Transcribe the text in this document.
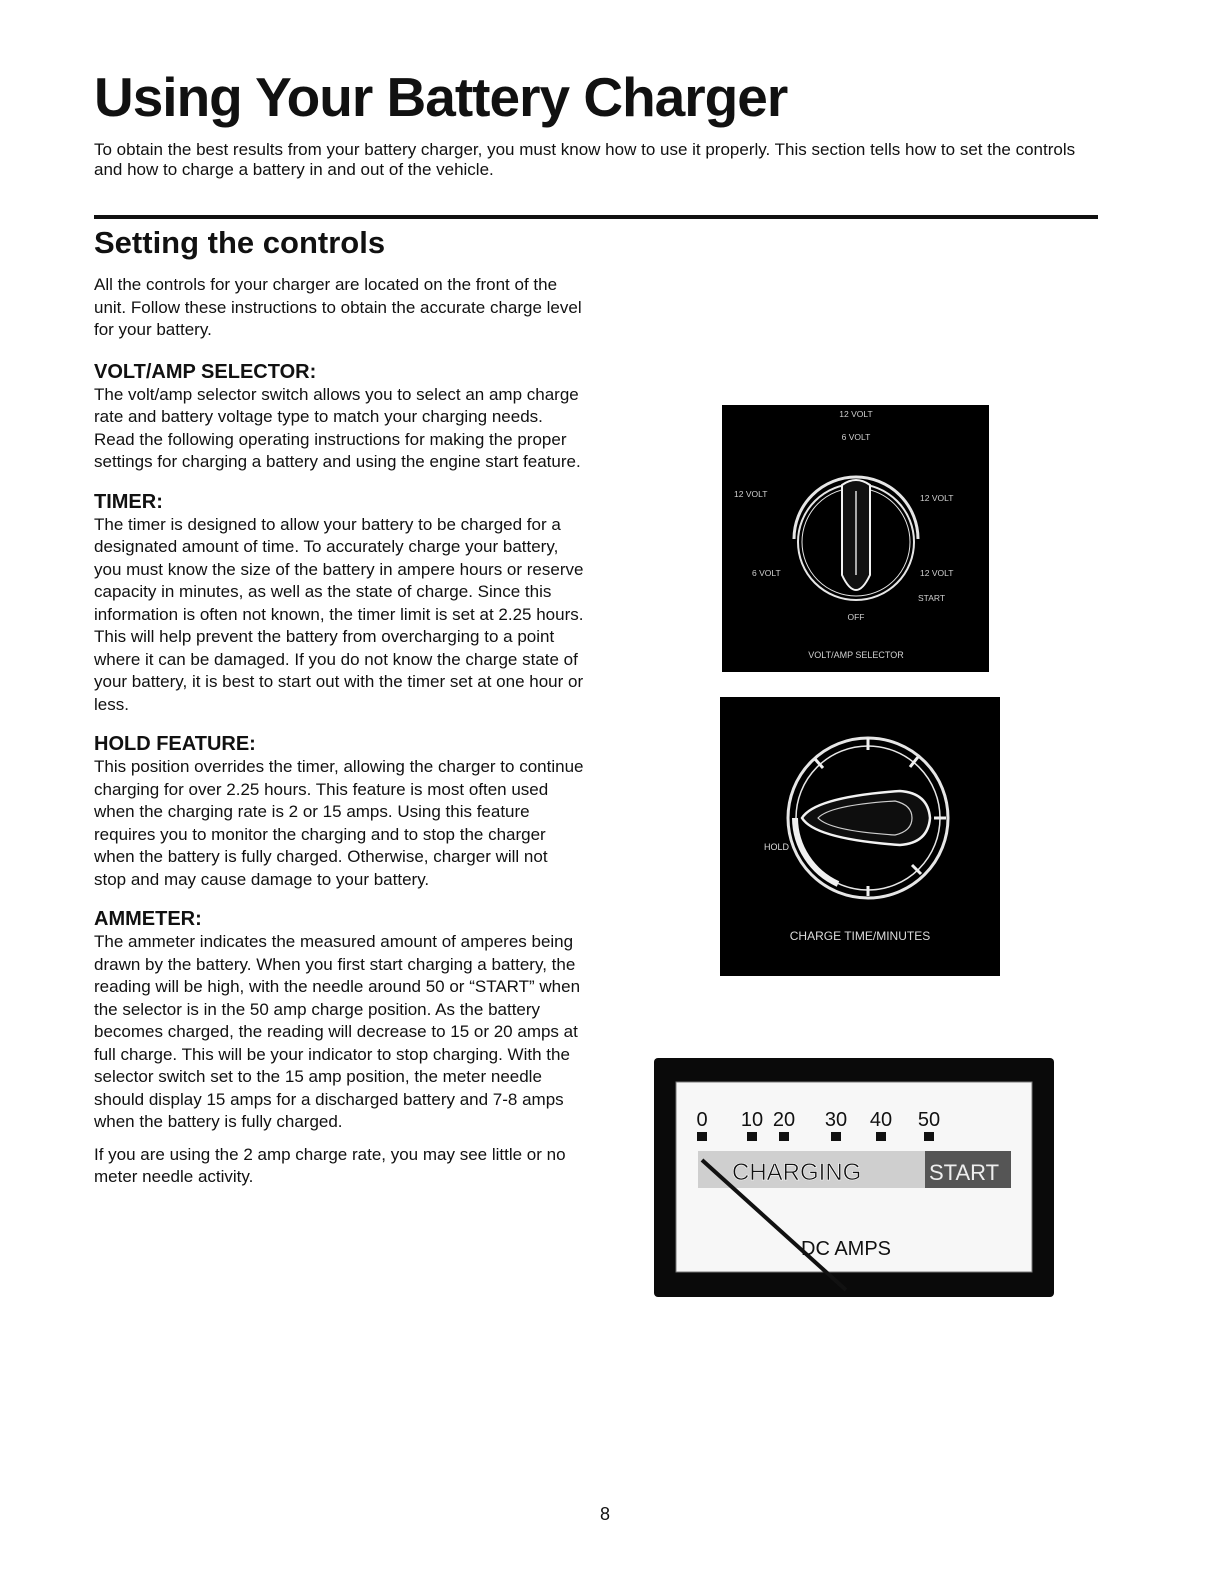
Using Your Battery Charger

To obtain the best results from your battery charger, you must know how to use it properly. This section tells how to set the controls and how to charge a battery in and out of the vehicle.

Setting the controls

All the controls for your charger are located on the front of the unit. Follow these instructions to obtain the accurate charge level for your battery.

VOLT/AMP SELECTOR:

The volt/amp selector switch allows you to select an amp charge rate and battery voltage type to match your charging needs. Read the following operating instructions for making the proper settings for charging a battery and using the engine start feature.

TIMER:

The timer is designed to allow your battery to be charged for a designated amount of time. To accurately charge your battery, you must know the size of the battery in ampere hours or reserve capacity in minutes, as well as the state of charge. Since this information is often not known, the timer limit is set at 2.25 hours. This will help prevent the battery from overcharging to a point where it can be damaged. If you do not know the charge state of your battery, it is best to start out with the timer set at one hour or less.

HOLD FEATURE:

This position overrides the timer, allowing the charger to continue charging for over 2.25 hours. This feature is most often used when the charging rate is 2 or 15 amps. Using this feature requires you to monitor the charging and to stop the charger when the battery is fully charged. Otherwise, charger will not stop and may cause damage to your battery.

AMMETER:

The ammeter indicates the measured amount of amperes being drawn by the battery. When you first start charging a battery, the reading will be high, with the needle around 50 or “START” when the selector is in the 50 amp charge position. As the battery becomes charged, the reading will decrease to 15 or 20 amps at full charge. This will be your indicator to stop charging. With the selector switch set to the 15 amp position, the meter needle should display 15 amps for a discharged battery and 7-8 amps when the battery is fully charged.

If you are using the 2 amp charge rate, you may see little or no meter needle activity.

12 VOLT
6 VOLT
12 VOLT	12 VOLT
6 VOLT	12 VOLT
START
OFF
VOLT/AMP SELECTOR
HOLD
CHARGE TIME/MINUTES
0 10 20 30 40 50
CHARGING	START
DC AMPS
8
